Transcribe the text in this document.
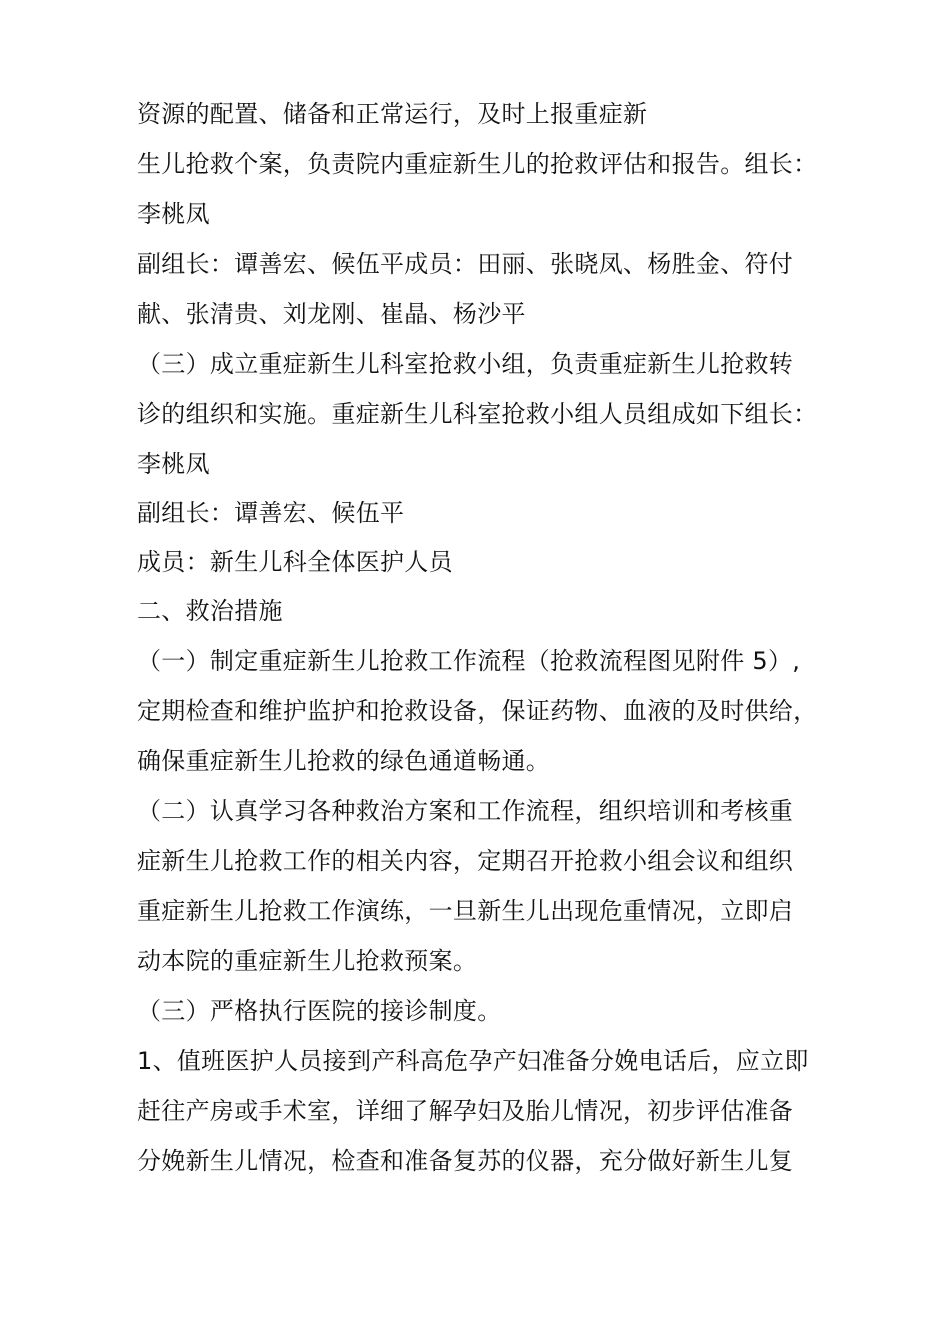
资源的配置、储备和正常运行，及时上报重症新
生儿抢救个案，负责院内重症新生儿的抢救评估和报告。组长：
李桃凤
副组长：谭善宏、候伍平成员：田丽、张晓凤、杨胜金、符付
献、张清贵、刘龙刚、崔晶、杨沙平
（三）成立重症新生儿科室抢救小组，负责重症新生儿抢救转
诊的组织和实施。重症新生儿科室抢救小组人员组成如下组长：
李桃凤
副组长：谭善宏、候伍平
成员：新生儿科全体医护人员
二、救治措施
（一）制定重症新生儿抢救工作流程（抢救流程图见附件 5）,
定期检查和维护监护和抢救设备，保证药物、血液的及时供给，
确保重症新生儿抢救的绿色通道畅通。
（二）认真学习各种救治方案和工作流程，组织培训和考核重
症新生儿抢救工作的相关内容，定期召开抢救小组会议和组织
重症新生儿抢救工作演练，一旦新生儿出现危重情况，立即启
动本院的重症新生儿抢救预案。
（三）严格执行医院的接诊制度。
1、值班医护人员接到产科高危孕产妇准备分娩电话后，应立即
赶往产房或手术室，详细了解孕妇及胎儿情况，初步评估准备
分娩新生儿情况，检查和准备复苏的仪器，充分做好新生儿复
